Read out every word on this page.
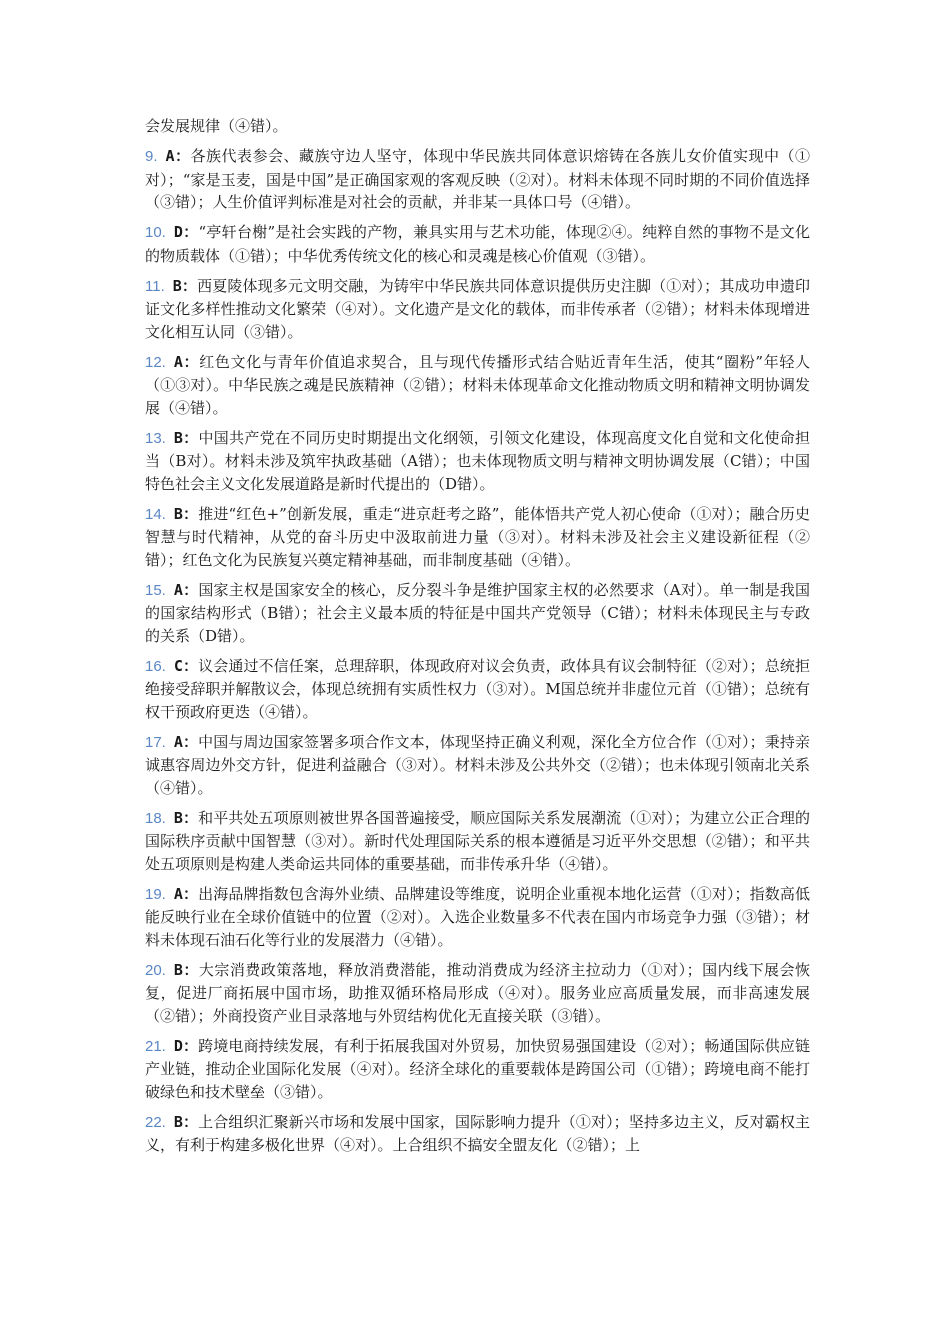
会发展规律（④错）。

9. A：各族代表参会、藏族守边人坚守，体现中华民族共同体意识熔铸在各族儿女价值实现中（①对）；“家是玉麦，国是中国”是正确国家观的客观反映（②对）。材料未体现不同时期的不同价值选择（③错）；人生价值评判标准是对社会的贡献，并非某一具体口号（④错）。

10. D：“亭轩台榭”是社会实践的产物，兼具实用与艺术功能，体现②④。纯粹自然的事物不是文化的物质载体（①错）；中华优秀传统文化的核心和灵魂是核心价值观（③错）。

11. B：西夏陵体现多元文明交融，为铸牢中华民族共同体意识提供历史注脚（①对）；其成功申遗印证文化多样性推动文化繁荣（④对）。文化遗产是文化的载体，而非传承者（②错）；材料未体现增进文化相互认同（③错）。

12. A：红色文化与青年价值追求契合，且与现代传播形式结合贴近青年生活，使其“圈粉”年轻人（①③对）。中华民族之魂是民族精神（②错）；材料未体现革命文化推动物质文明和精神文明协调发展（④错）。

13. B：中国共产党在不同历史时期提出文化纲领，引领文化建设，体现高度文化自觉和文化使命担当（B对）。材料未涉及筑牢执政基础（A错）；也未体现物质文明与精神文明协调发展（C错）；中国特色社会主义文化发展道路是新时代提出的（D错）。

14. B：推进“红色+”创新发展，重走“进京赶考之路”，能体悟共产党人初心使命（①对）；融合历史智慧与时代精神，从党的奋斗历史中汲取前进力量（③对）。材料未涉及社会主义建设新征程（②错）；红色文化为民族复兴奠定精神基础，而非制度基础（④错）。

15. A：国家主权是国家安全的核心，反分裂斗争是维护国家主权的必然要求（A对）。单一制是我国的国家结构形式（B错）；社会主义最本质的特征是中国共产党领导（C错）；材料未体现民主与专政的关系（D错）。

16. C：议会通过不信任案，总理辞职，体现政府对议会负责，政体具有议会制特征（②对）；总统拒绝接受辞职并解散议会，体现总统拥有实质性权力（③对）。M国总统并非虚位元首（①错）；总统有权干预政府更迭（④错）。

17. A：中国与周边国家签署多项合作文本，体现坚持正确义利观，深化全方位合作（①对）；秉持亲诚惠容周边外交方针，促进利益融合（③对）。材料未涉及公共外交（②错）；也未体现引领南北关系（④错）。

18. B：和平共处五项原则被世界各国普遍接受，顺应国际关系发展潮流（①对）；为建立公正合理的国际秩序贡献中国智慧（③对）。新时代处理国际关系的根本遵循是习近平外交思想（②错）；和平共处五项原则是构建人类命运共同体的重要基础，而非传承升华（④错）。

19. A：出海品牌指数包含海外业绩、品牌建设等维度，说明企业重视本地化运营（①对）；指数高低能反映行业在全球价值链中的位置（②对）。入选企业数量多不代表在国内市场竞争力强（③错）；材料未体现石油石化等行业的发展潜力（④错）。

20. B：大宗消费政策落地，释放消费潜能，推动消费成为经济主拉动力（①对）；国内线下展会恢复，促进厂商拓展中国市场，助推双循环格局形成（④对）。服务业应高质量发展，而非高速发展（②错）；外商投资产业目录落地与外贸结构优化无直接关联（③错）。

21. D：跨境电商持续发展，有利于拓展我国对外贸易，加快贸易强国建设（②对）；畅通国际供应链产业链，推动企业国际化发展（④对）。经济全球化的重要载体是跨国公司（①错）；跨境电商不能打破绿色和技术壁垒（③错）。

22. B：上合组织汇聚新兴市场和发展中国家，国际影响力提升（①对）；坚持多边主义，反对霸权主义，有利于构建多极化世界（④对）。上合组织不搞安全盟友化（②错）；上
